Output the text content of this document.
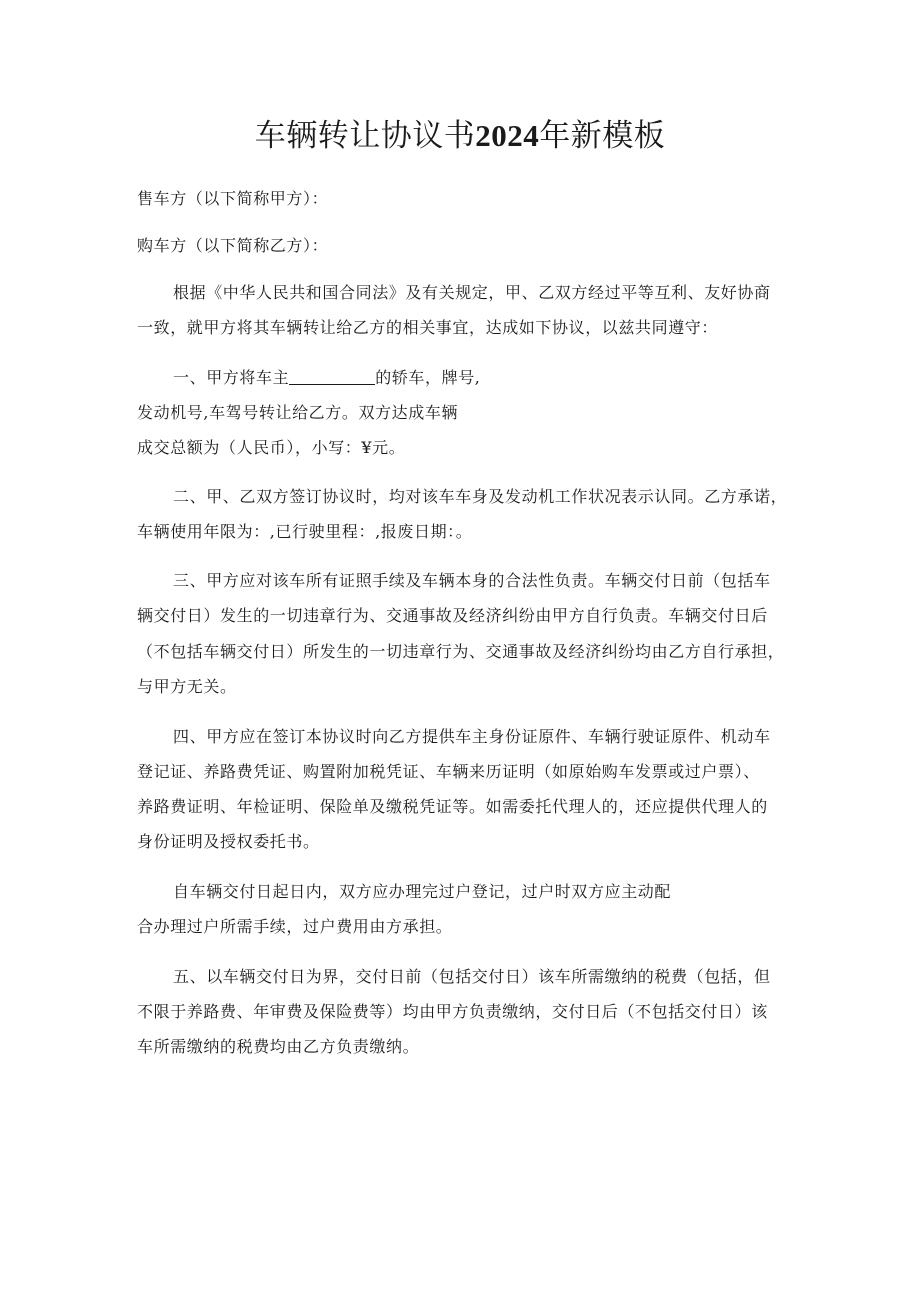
车辆转让协议书2024年新模板
售车方（以下简称甲方）：
购车方（以下简称乙方）：
根据《中华人民共和国合同法》及有关规定，甲、乙双方经过平等互利、友好协商
一致，就甲方将其车辆转让给乙方的相关事宜，达成如下协议，以兹共同遵守：
一、甲方将车主	的轿车，牌号,
发动机号,车驾号转让给乙方。双方达成车辆
成交总额为（人民币），小写：¥元。
二、甲、乙双方签订协议时，均对该车车身及发动机工作状况表示认同。乙方承诺，
车辆使用年限为：,已行驶里程：,报废日期：。
三、甲方应对该车所有证照手续及车辆本身的合法性负责。车辆交付日前（包括车
辆交付日）发生的一切违章行为、交通事故及经济纠纷由甲方自行负责。车辆交付日后
（不包括车辆交付日）所发生的一切违章行为、交通事故及经济纠纷均由乙方自行承担，
与甲方无关。
四、甲方应在签订本协议时向乙方提供车主身份证原件、车辆行驶证原件、机动车
登记证、养路费凭证、购置附加税凭证、车辆来历证明（如原始购车发票或过户票）、
养路费证明、年检证明、保险单及缴税凭证等。如需委托代理人的，还应提供代理人的
身份证明及授权委托书。
自车辆交付日起日内，双方应办理完过户登记，过户时双方应主动配
合办理过户所需手续，过户费用由方承担。
五、以车辆交付日为界，交付日前（包括交付日）该车所需缴纳的税费（包括，但
不限于养路费、年审费及保险费等）均由甲方负责缴纳，交付日后（不包括交付日）该
车所需缴纳的税费均由乙方负责缴纳。
